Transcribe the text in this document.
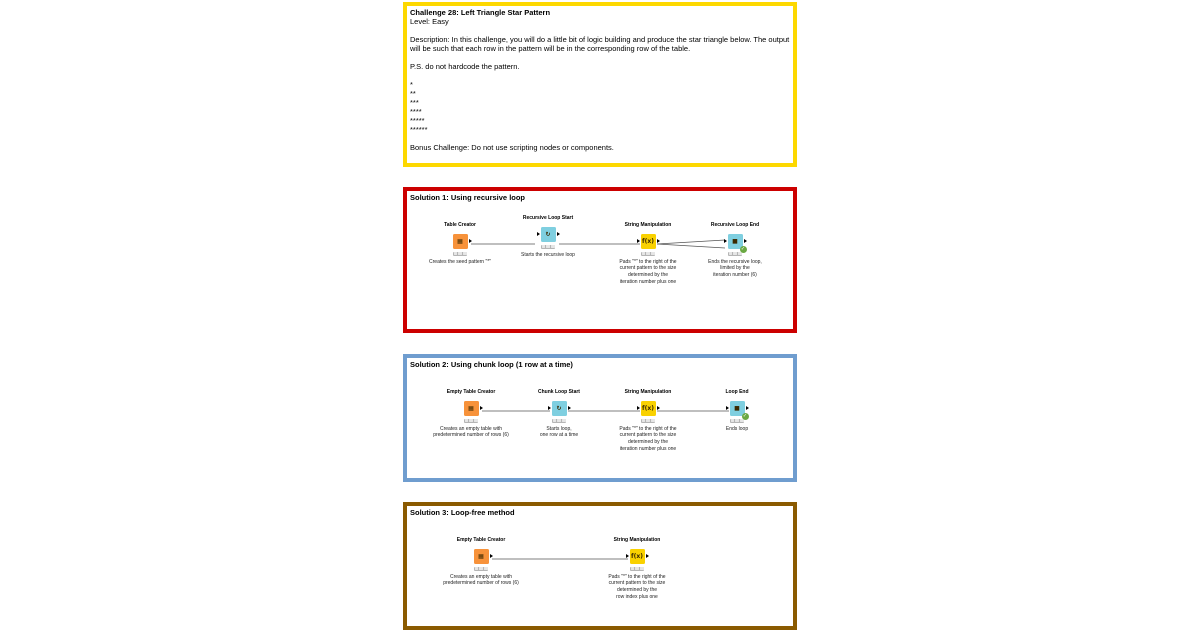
Challenge 28: Left Triangle Star Pattern
Level: Easy

Description: In this challenge, you will do a little bit of logic building and produce the star triangle below. The output will be such that each row in the pattern will be in the corresponding row of the table.

P.S. do not hardcode the pattern.

*
**
***
****
*****
******

Bonus Challenge: Do not use scripting nodes or components.
Solution 1: Using recursive loop
Solution 2: Using chunk loop (1 row at a time)
Solution 3: Loop-free method
Table Creator
▦
Creates the seed pattern "*"
Recursive Loop Start
↻
Starts the recursive loop
String Manipulation
f(x)
Pads "*" to the right of the
current pattern to the size
determined by the
iteration number plus one
Recursive Loop End
■
✓
Ends the recursive loop,
limited by the
iteration number (6)
Empty Table Creator
▦
Creates an empty table with
predetermined number of rows (6)
Chunk Loop Start
↻
Starts loop,
one row at a time
String Manipulation
f(x)
Pads "*" to the right of the
current pattern to the size
determined by the
iteration number plus one
Loop End
■
✓
Ends loop
Empty Table Creator
▦
Creates an empty table with
predetermined number of rows (6)
String Manipulation
f(x)
Pads "*" to the right of the
current pattern to the size
determined by the
row index plus one
